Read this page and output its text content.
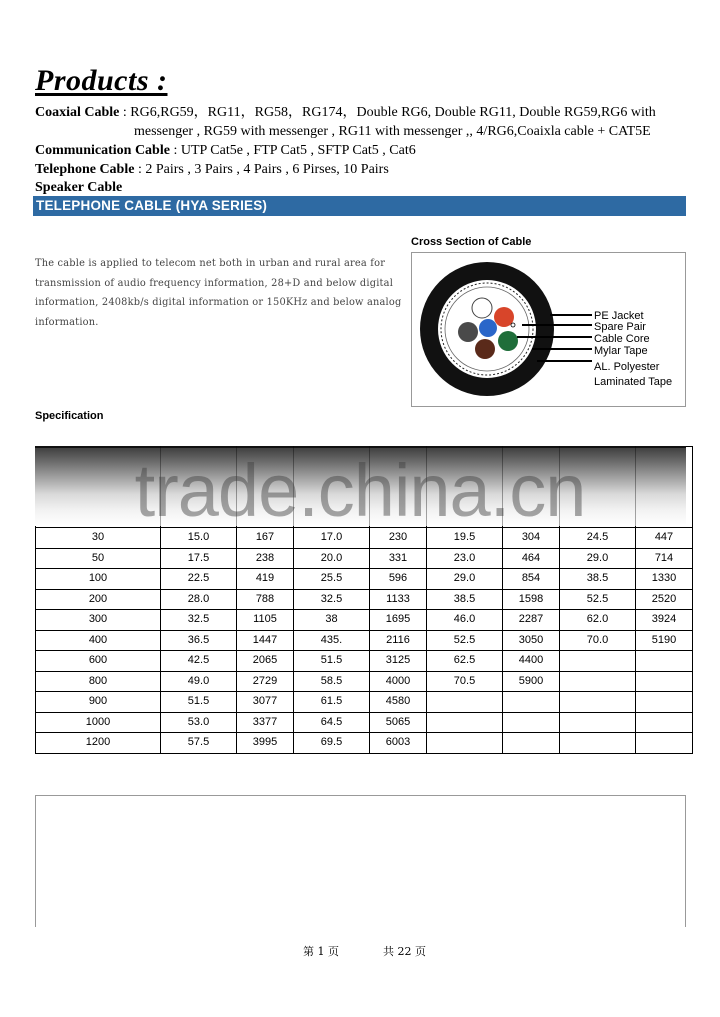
Products :
Coaxial Cable : RG6,RG59，RG11，RG58，RG174，Double RG6, Double RG11, Double RG59,RG6 with
messenger , RG59 with messenger , RG11 with messenger ,, 4/RG6,Coaixla cable + CAT5E
Communication Cable : UTP Cat5e , FTP Cat5 , SFTP Cat5 , Cat6
Telephone Cable : 2 Pairs , 3 Pairs , 4 Pairs , 6 Pirses, 10 Pairs
Speaker Cable
TELEPHONE CABLE (HYA SERIES)
The cable is applied to telecom net both in urban and rural area for
transmission of audio frequency information, 28+D and below digital
information, 2408kb/s digital information or 150KHz and below analog
information.
Cross Section of Cable
PE Jacket
Spare Pair
Cable Core
Mylar Tape
AL. Polyester
Laminated Tape
Specification

30	15.0	167	17.0	230	19.5	304	24.5	447
50	17.5	238	20.0	331	23.0	464	29.0	714
100	22.5	419	25.5	596	29.0	854	38.5	1330
200	28.0	788	32.5	1133	38.5	1598	52.5	2520
300	32.5	1105	38	1695	46.0	2287	62.0	3924
400	36.5	1447	435.	2116	52.5	3050	70.0	5190
600	42.5	2065	51.5	3125	62.5	4400		
800	49.0	2729	58.5	4000	70.5	5900		
900	51.5	3077	61.5	4580				
1000	53.0	3377	64.5	5065				
1200	57.5	3995	69.5	6003				
trade.china.cn
第 1 页	共 22 页
